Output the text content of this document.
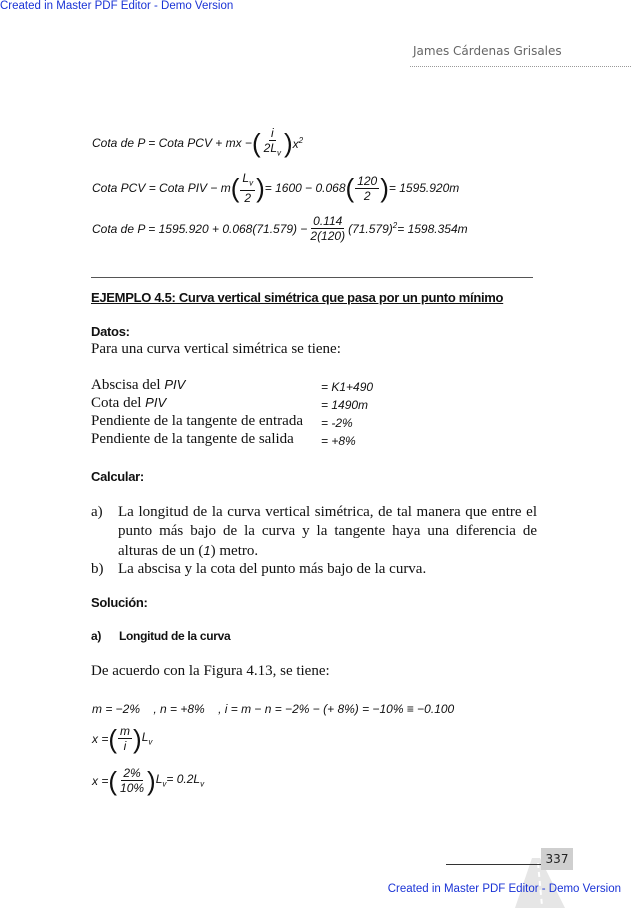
Created in Master PDF Editor - Demo Version
James Cárdenas Grisales
Cota de P = Cota PCV + mx − ( $\frac{i}{2L_v}$ ) $x^2$
Cota PCV = Cota PIV − m ( $\frac{L_v}{2}$ ) = 1600 − 0.068 ( $\frac{120}{2}$ ) = 1595.920m
Cota de $P = 1595.920 + 0.068(71.579) - \frac{0.114}{2(120)} (71.579)^2 = 1598.354m$
EJEMPLO 4.5: Curva vertical simétrica que pasa por un punto mínimo
Datos:
Para una curva vertical simétrica se tiene:
Abscisa del PIV	= K1+490
Cota del PIV	= 1490m
Pendiente de la tangente de entrada = -2%
Pendiente de la tangente de salida = +8%
Calcular:
a) La longitud de la curva vertical simétrica, de tal manera que entre el punto más bajo de la curva y la tangente haya una diferencia de alturas de un (1) metro.
b) La abscisa y la cota del punto más bajo de la curva.
Solución:
a) Longitud de la curva
De acuerdo con la Figura 4.13, se tiene:
m = −2%    , n = +8%    , i = m − n = −2% − (+ 8%) = −10% ≡ −0.100
x = ( $\frac{m}{i}$ ) $L_v$
x = ( $\frac{2\%}{10\%}$ ) $L_v = 0.2L_v$
337
Created in Master PDF Editor - Demo Version
